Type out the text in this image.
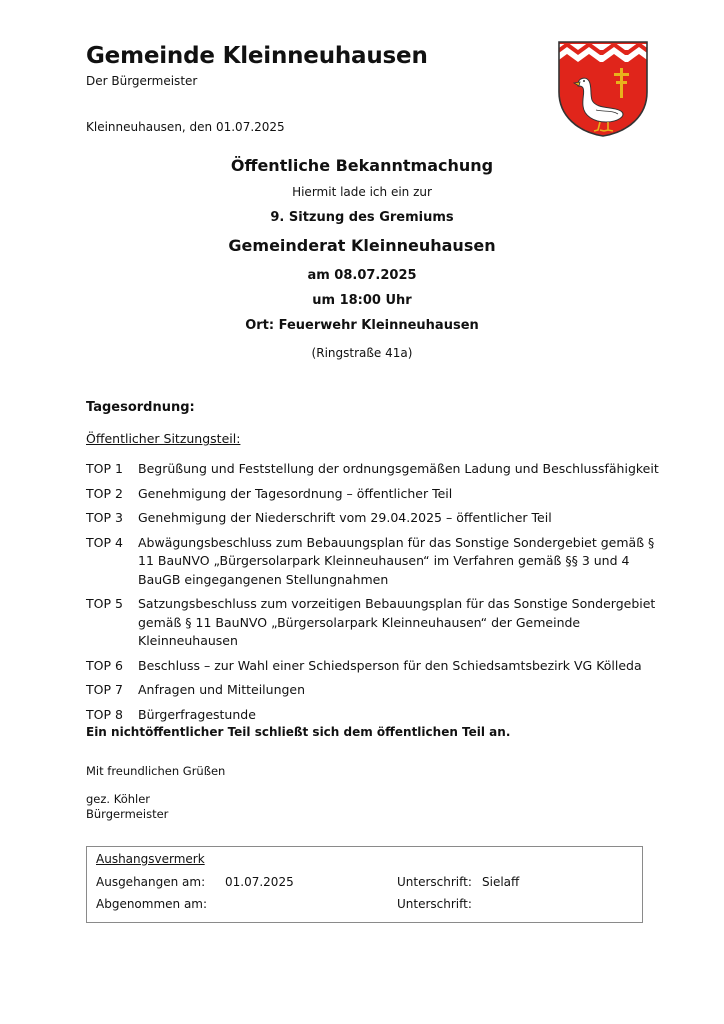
Gemeinde Kleinneuhausen
Der Bürgermeister
Kleinneuhausen, den 01.07.2025
Öffentliche Bekanntmachung
Hiermit lade ich ein zur
9. Sitzung des Gremiums
Gemeinderat Kleinneuhausen
am 08.07.2025
um 18:00 Uhr
Ort: Feuerwehr Kleinneuhausen
(Ringstraße 41a)
Tagesordnung:
Öffentlicher Sitzungsteil:
TOP 1	Begrüßung und Feststellung der ordnungsgemäßen Ladung und Beschlussfähigkeit
TOP 2	Genehmigung der Tagesordnung – öffentlicher Teil
TOP 3	Genehmigung der Niederschrift vom 29.04.2025 – öffentlicher Teil
TOP 4	Abwägungsbeschluss zum Bebauungsplan für das Sonstige Sondergebiet gemäß § 11 BauNVO „Bürgersolarpark Kleinneuhausen“ im Verfahren gemäß §§ 3 und 4 BauGB eingegangenen Stellungnahmen
TOP 5	Satzungsbeschluss zum vorzeitigen Bebauungsplan für das Sonstige Sondergebiet gemäß § 11 BauNVO „Bürgersolarpark Kleinneuhausen“ der Gemeinde Kleinneuhausen
TOP 6	Beschluss – zur Wahl einer Schiedsperson für den Schiedsamtsbezirk VG Kölleda
TOP 7	Anfragen und Mitteilungen
TOP 8	Bürgerfragestunde
Ein nichtöffentlicher Teil schließt sich dem öffentlichen Teil an.
Mit freundlichen Grüßen
gez. Köhler
Bürgermeister
Aushangsvermerk
Ausgehangen am: 01.07.2025	Unterschrift: Sielaff
Abgenommen am:	Unterschrift:
